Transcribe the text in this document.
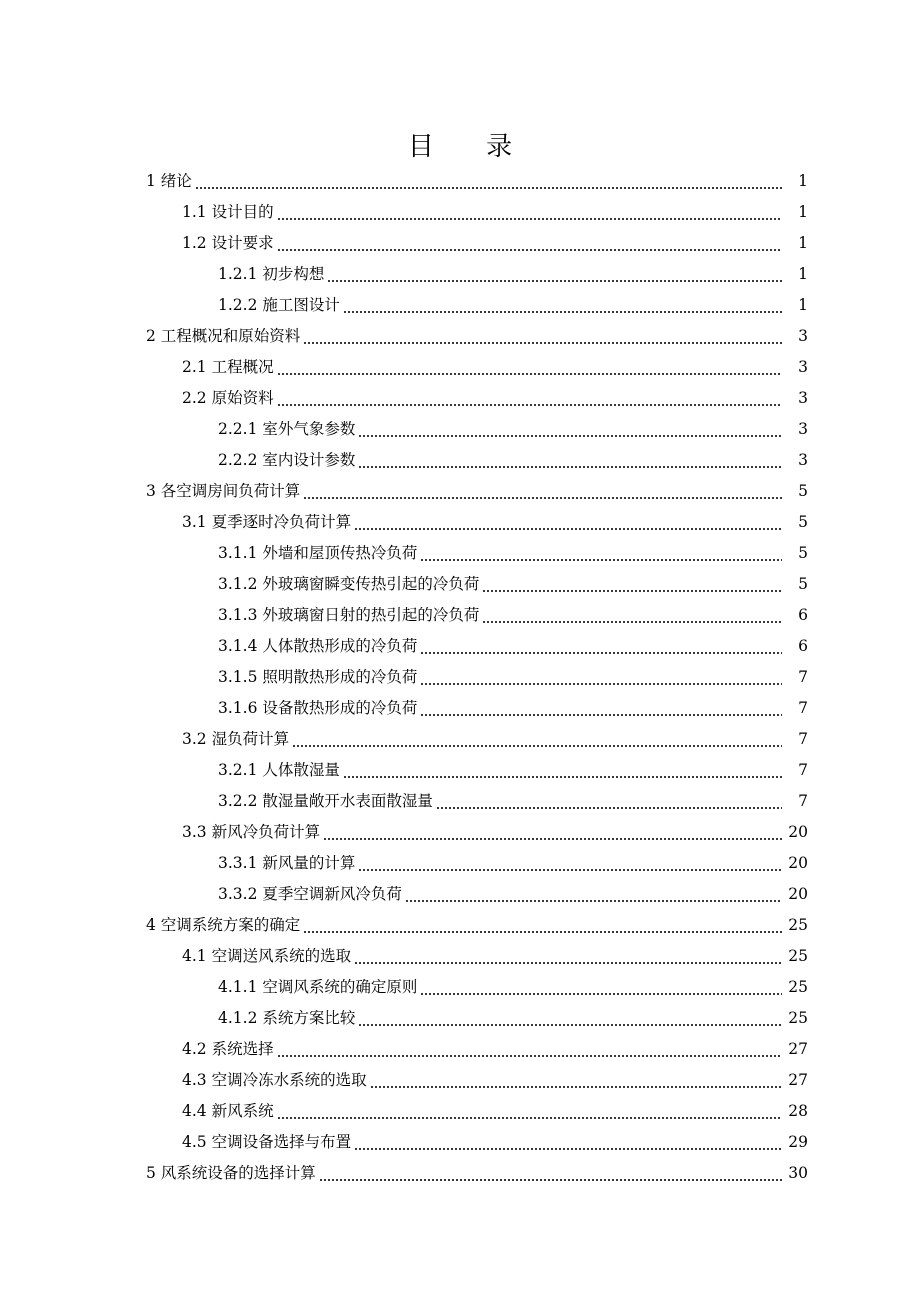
目 录
1 绪论	1
1.1 设计目的	1
1.2 设计要求	1
1.2.1 初步构想	1
1.2.2 施工图设计	1
2 工程概况和原始资料	3
2.1 工程概况	3
2.2 原始资料	3
2.2.1 室外气象参数	3
2.2.2 室内设计参数	3
3 各空调房间负荷计算	5
3.1 夏季逐时冷负荷计算	5
3.1.1 外墙和屋顶传热冷负荷	5
3.1.2 外玻璃窗瞬变传热引起的冷负荷	5
3.1.3 外玻璃窗日射的热引起的冷负荷	6
3.1.4 人体散热形成的冷负荷	6
3.1.5 照明散热形成的冷负荷	7
3.1.6 设备散热形成的冷负荷	7
3.2 湿负荷计算	7
3.2.1 人体散湿量	7
3.2.2 散湿量敞开水表面散湿量	7
3.3 新风冷负荷计算	20
3.3.1 新风量的计算	20
3.3.2 夏季空调新风冷负荷	20
4 空调系统方案的确定	25
4.1 空调送风系统的选取	25
4.1.1 空调风系统的确定原则	25
4.1.2 系统方案比较	25
4.2 系统选择	27
4.3 空调冷冻水系统的选取	27
4.4 新风系统	28
4.5 空调设备选择与布置	29
5 风系统设备的选择计算	30
